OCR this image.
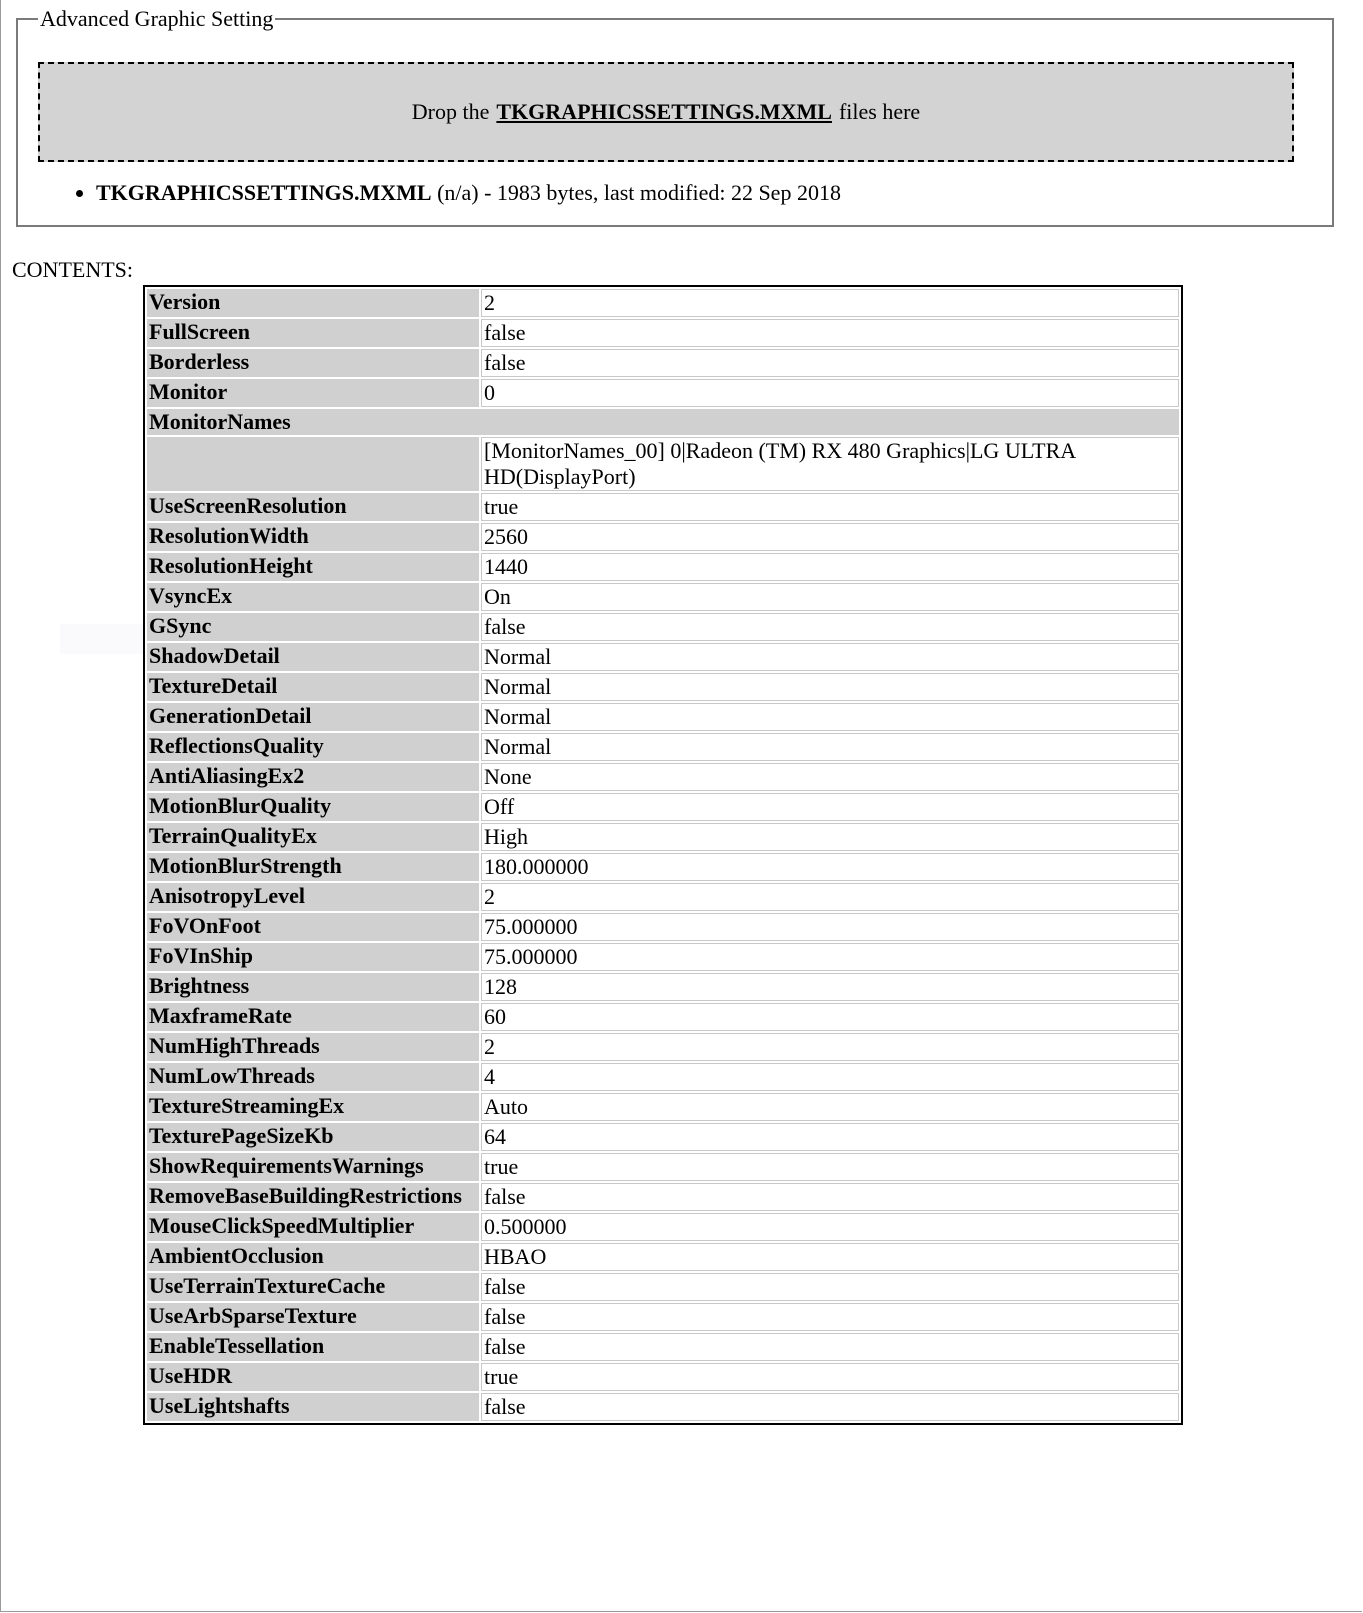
Advanced Graphic Setting
Drop the TKGRAPHICSSETTINGS.MXML files here
• TKGRAPHICSSETTINGS.MXML (n/a) - 1983 bytes, last modified: 22 Sep 2018
CONTENTS:
Version	2
FullScreen	false
Borderless	false
Monitor	0
MonitorNames	
	[MonitorNames_00] 0|Radeon (TM) RX 480 Graphics|LG ULTRA HD(DisplayPort)
UseScreenResolution	true
ResolutionWidth	2560
ResolutionHeight	1440
VsyncEx	On
GSync	false
ShadowDetail	Normal
TextureDetail	Normal
GenerationDetail	Normal
ReflectionsQuality	Normal
AntiAliasingEx2	None
MotionBlurQuality	Off
TerrainQualityEx	High
MotionBlurStrength	180.000000
AnisotropyLevel	2
FoVOnFoot	75.000000
FoVInShip	75.000000
Brightness	128
MaxframeRate	60
NumHighThreads	2
NumLowThreads	4
TextureStreamingEx	Auto
TexturePageSizeKb	64
ShowRequirementsWarnings	true
RemoveBaseBuildingRestrictions	false
MouseClickSpeedMultiplier	0.500000
AmbientOcclusion	HBAO
UseTerrainTextureCache	false
UseArbSparseTexture	false
EnableTessellation	false
UseHDR	true
UseLightshafts	false
